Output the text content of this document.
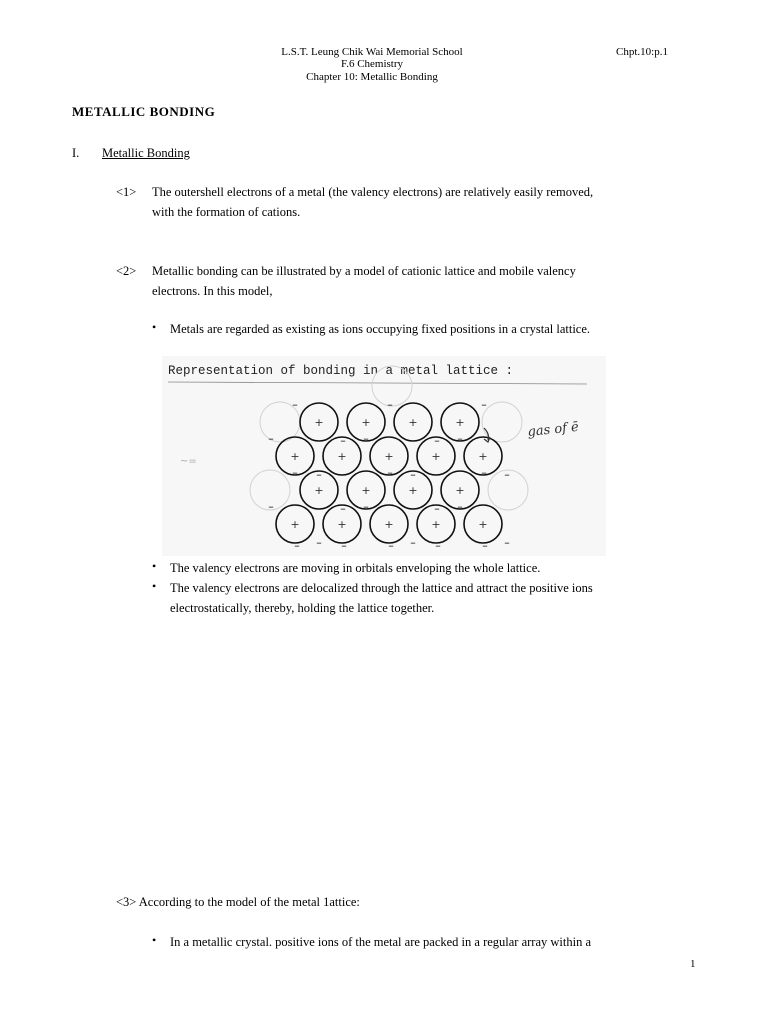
L.S.T. Leung Chik Wai Memorial School
F.6 Chemistry
Chapter 10: Metallic Bonding
Chpt.10:p.1
METALLIC BONDING
I. Metallic Bonding
<1> The outershell electrons of a metal (the valency electrons) are relatively easily removed,
with the formation of cations.
<2> Metallic bonding can be illustrated by a model of cationic lattice and mobile valency
electrons. In this model,
• Metals are regarded as existing as ions occupying fixed positions in a crystal lattice.
Representation of bonding in a metal lattice :
+	+	+	+
–
–
–
–
–
+	+	+	+	+
–
–
–
–
–
–
+	+	+	+
–
–
–
–
–
+	+	+	+	+
–
–
–
–
–
–
–	–	–	–	–
gas of ē
~=
• The valency electrons are moving in orbitals enveloping the whole lattice.
• The valency electrons are delocalized through the lattice and attract the positive ions
electrostatically, thereby, holding the lattice together.
<3> According to the model of the metal 1attice:
• In a metallic crystal. positive ions of the metal are packed in a regular array within a
1
